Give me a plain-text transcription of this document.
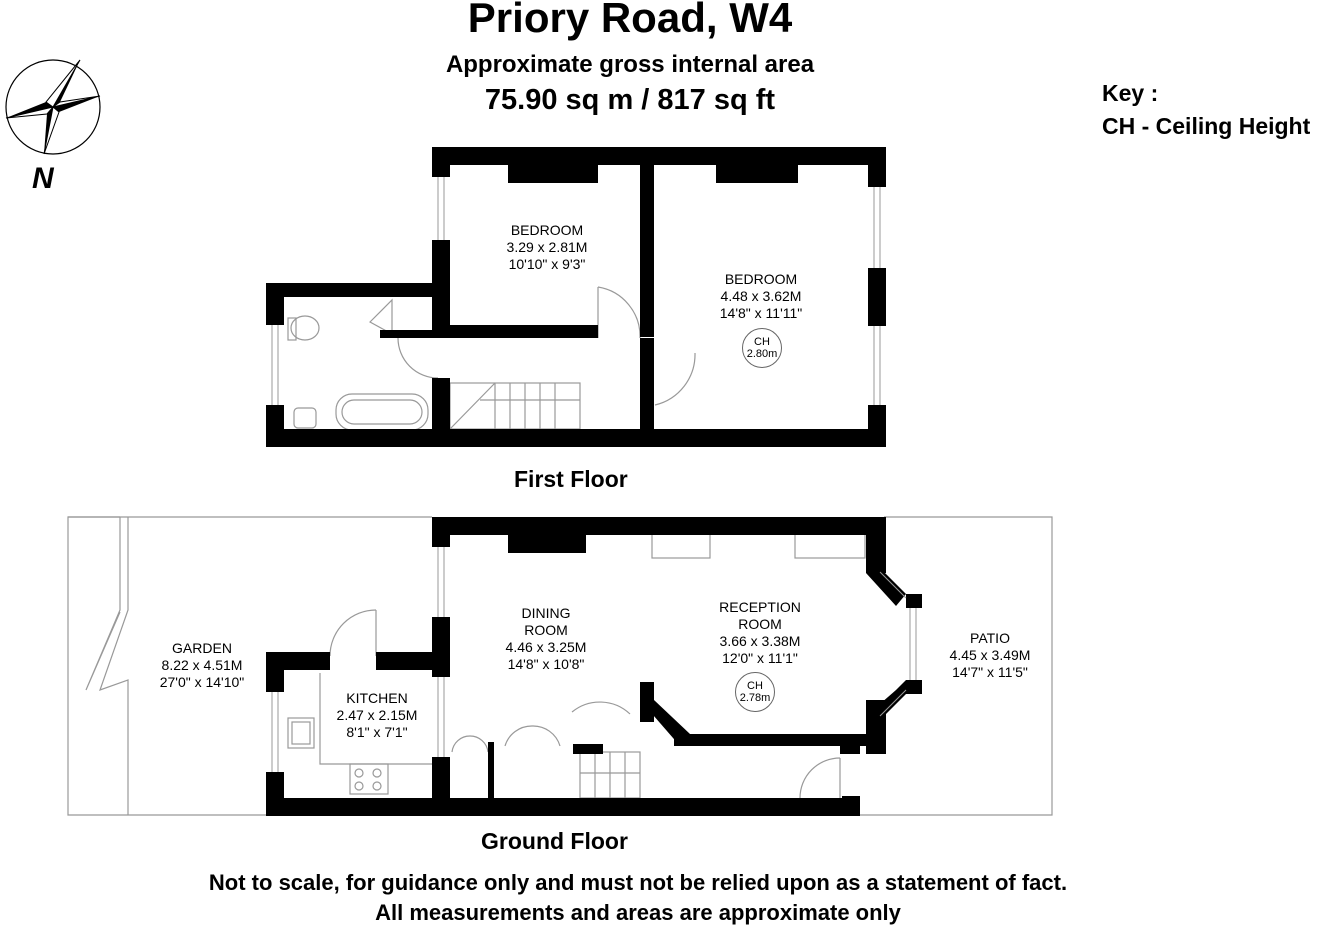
Priory Road, W4
Approximate gross internal area
75.90 sq m / 817 sq ft	Key :
CH - Ceiling Height
N
BEDROOM
3.29 x 2.81M
10'10" x 9'3"
BEDROOM
4.48 x 3.62M
14'8" x 11'11"
CH
2.80m
First Floor
GARDEN
8.22 x 4.51M
27'0" x 14'10"
KITCHEN
2.47 x 2.15M
8'1" x 7'1"
DINING
ROOM
4.46 x 3.25M
14'8" x 10'8"
RECEPTION
ROOM
3.66 x 3.38M
12'0" x 11'1"
CH
2.78m
PATIO
4.45 x 3.49M
14'7" x 11'5"
Ground Floor
Not to scale, for guidance only and must not be relied upon as a statement of fact.
All measurements and areas are approximate only
